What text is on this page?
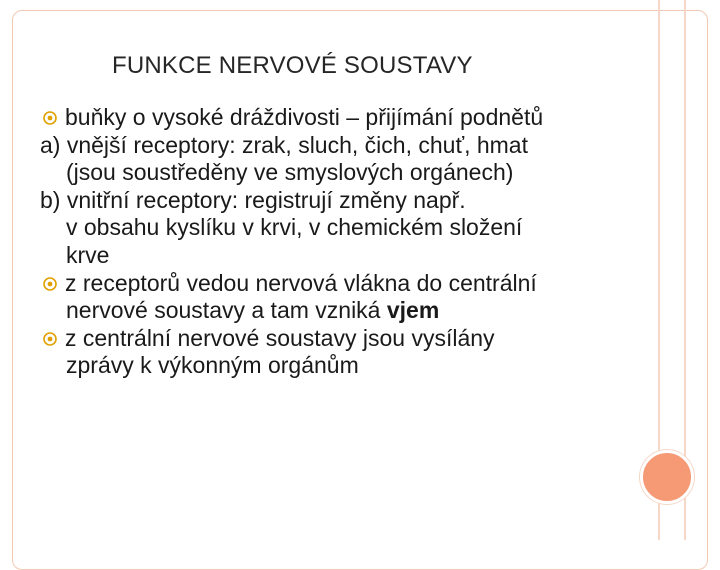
FUNKCE NERVOVÉ SOUSTAVY
buňky o vysoké dráždivosti – přijímání podnětů
a) vnější receptory: zrak, sluch, čich, chuť, hmat
(jsou soustředěny ve smyslových orgánech)
b) vnitřní receptory: registrují změny např.
v obsahu kyslíku v krvi, v chemickém složení
krve
z receptorů vedou nervová vlákna do centrální
nervové soustavy a tam vzniká vjem
z centrální nervové soustavy jsou vysílány
zprávy k výkonným orgánům
